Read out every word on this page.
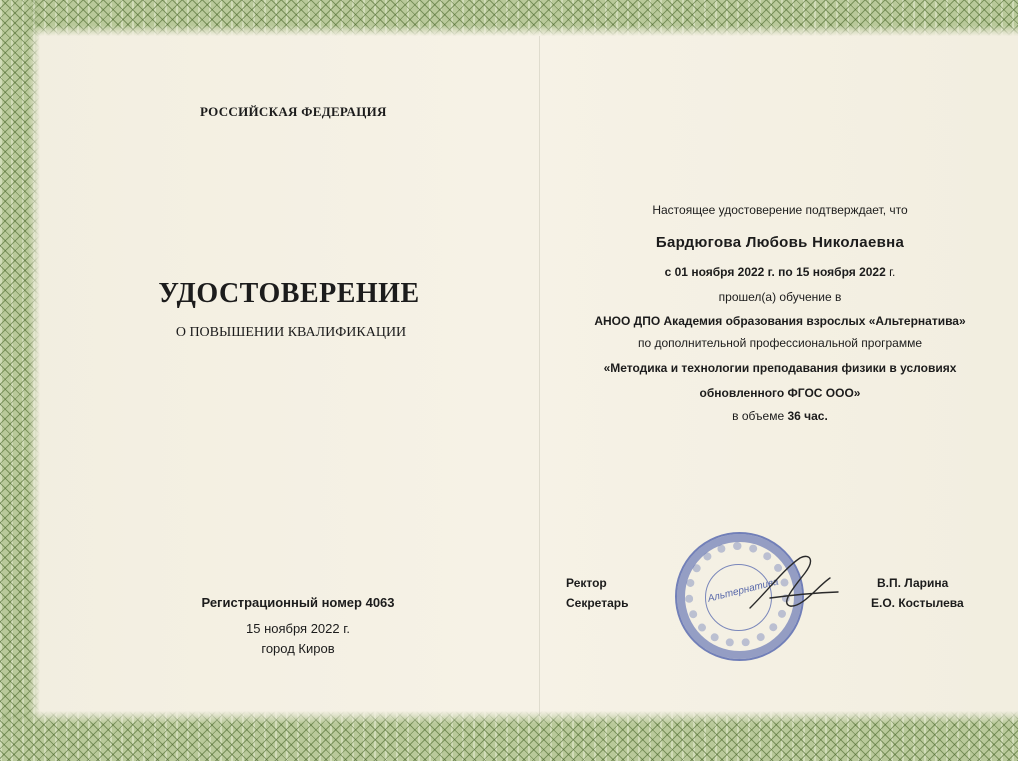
РОССИЙСКАЯ ФЕДЕРАЦИЯ
УДОСТОВЕРЕНИЕ
О ПОВЫШЕНИИ КВАЛИФИКАЦИИ
Регистрационный номер 4063
15 ноября 2022 г.
город Киров
Настоящее удостоверение подтверждает, что
Бардюгова Любовь Николаевна
с 01 ноября 2022 г. по 15 ноября 2022 г.
прошел(а) обучение в
АНОО ДПО Академия образования взрослых «Альтернатива»
по дополнительной профессиональной программе
«Методика и технологии преподавания физики в условиях
обновленного ФГОС ООО»
в объеме 36 час.
Ректор
Секретарь
В.П. Ларина
Е.О. Костылева
Альтернатива
